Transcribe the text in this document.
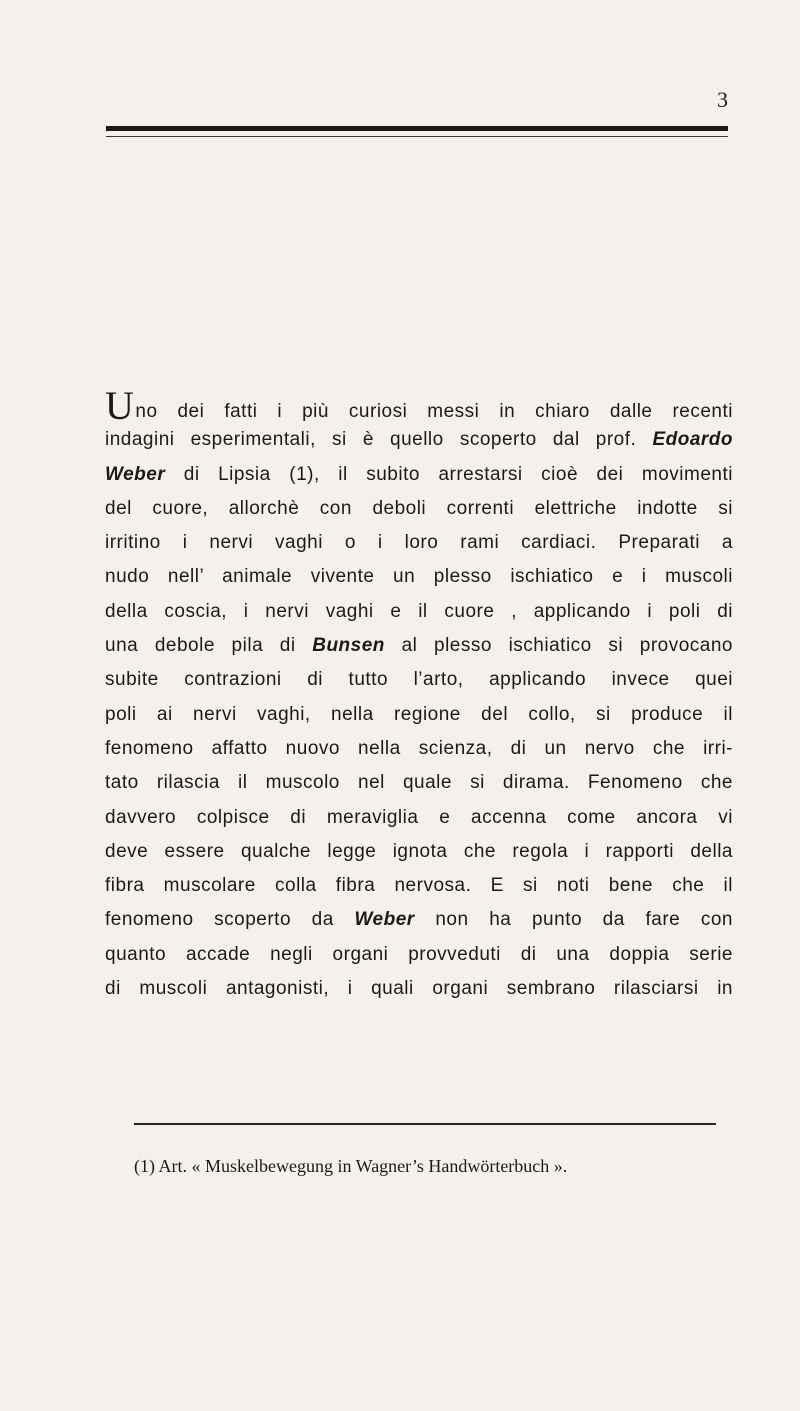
3
Uno dei fatti i più curiosi messi in chiaro dalle recenti
indagini esperimentali, si è quello scoperto dal prof. Edoardo
Weber di Lipsia (1), il subito arrestarsi cioè dei movimenti
del cuore, allorchè con deboli correnti elettriche indotte si
irritino i nervi vaghi o i loro rami cardiaci. Preparati a
nudo nell’ animale vivente un plesso ischiatico e i muscoli
della coscia, i nervi vaghi e il cuore , applicando i poli di
una debole pila di Bunsen al plesso ischiatico si provocano
subite contrazioni di tutto l’arto, applicando invece quei
poli ai nervi vaghi, nella regione del collo, si produce il
fenomeno affatto nuovo nella scienza, di un nervo che irri-
tato rilascia il muscolo nel quale si dirama. Fenomeno che
davvero colpisce di meraviglia e accenna come ancora vi
deve essere qualche legge ignota che regola i rapporti della
fibra muscolare colla fibra nervosa. E si noti bene che il
fenomeno scoperto da Weber non ha punto da fare con
quanto accade negli organi provveduti di una doppia serie
di muscoli antagonisti, i quali organi sembrano rilasciarsi in
(1) Art. « Muskelbewegung in Wagner’s Handwörterbuch ».
